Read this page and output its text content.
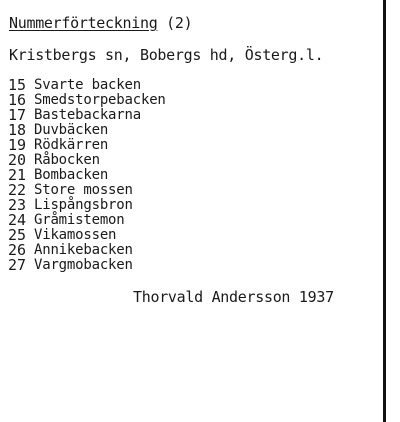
Nummerförteckning (2)
Kristbergs sn, Bobergs hd, Österg.l.
15 Svarte backen
16 Smedstorpebacken
17 Bastebackarna
18 Duvbäcken
19 Rödkärren
20 Råbocken
21 Bombacken
22 Store mossen
23 Lispångsbron
24 Gråmistemon
25 Vikamossen
26 Annikebacken
27 Vargmobacken
Thorvald Andersson 1937
